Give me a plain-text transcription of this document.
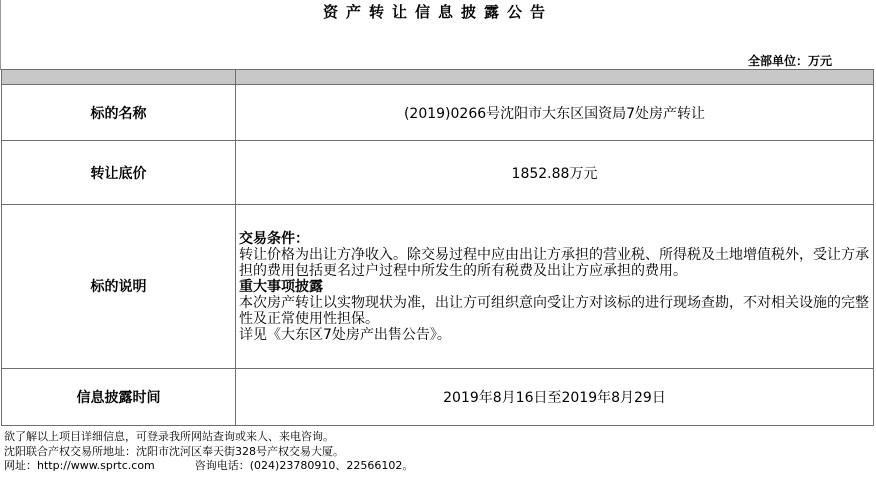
资产转让信息披露公告
全部单位：万元

标的名称	(2019)0266号沈阳市大东区国资局7处房产转让
转让底价	1852.88万元
标的说明	交易条件：
转让价格为出让方净收入。除交易过程中应由出让方承担的营业税、所得税及土地增值税外，受让方承担的费用包括更名过户过程中所发生的所有税费及出让方应承担的费用。
重大事项披露
本次房产转让以实物现状为准，出让方可组织意向受让方对该标的进行现场查勘，不对相关设施的完整性及正常使用性担保。
详见《大东区7处房产出售公告》。

信息披露时间	2019年8月16日至2019年8月29日
欲了解以上项目详细信息，可登录我所网站查询或来人、来电咨询。
沈阳联合产权交易所地址：沈阳市沈河区奉天街328号产权交易大厦。
网址：http://www.sprtc.com	咨询电话：(024)23780910、22566102。
